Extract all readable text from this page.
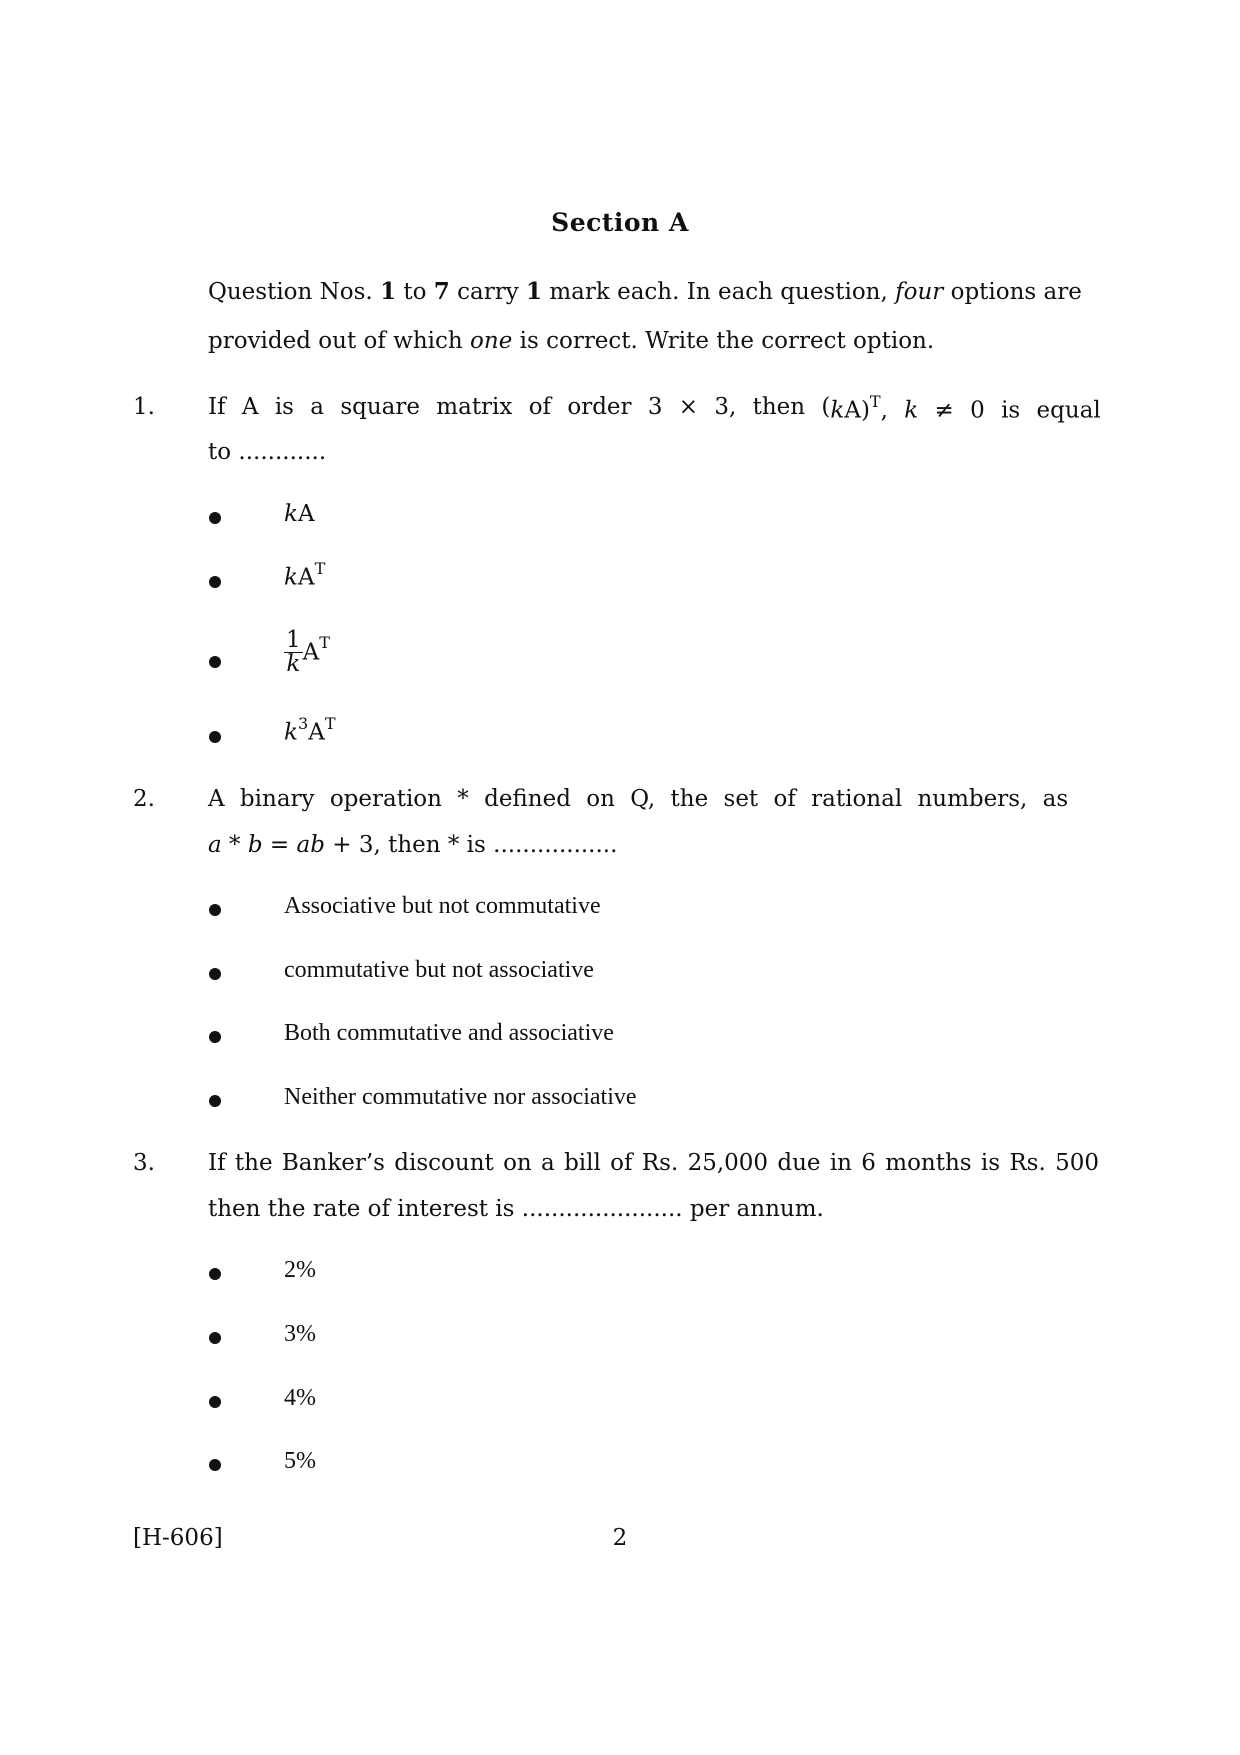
Section A
Question Nos. 1 to 7 carry 1 mark each. In each question, four options are
provided out of which one is correct. Write the correct option.
1. If A is a square matrix of order 3 × 3, then ( kA)$^T$, k ≠ 0 is equal
to ............
kA
$kA^T$
$\frac{1}{k} A^T$
$k^3A^T$
2. A binary operation * defined on Q, the set of rational numbers, as
a * b = ab + 3, then * is .................
Associative but not commutative
commutative but not associative
Both commutative and associative
Neither commutative nor associative
3. If the Banker’s discount on a bill of Rs. 25,000 due in 6 months is Rs. 500
then the rate of interest is ...................... per annum.
2%
3%
4%
5%
[H-606]	2
